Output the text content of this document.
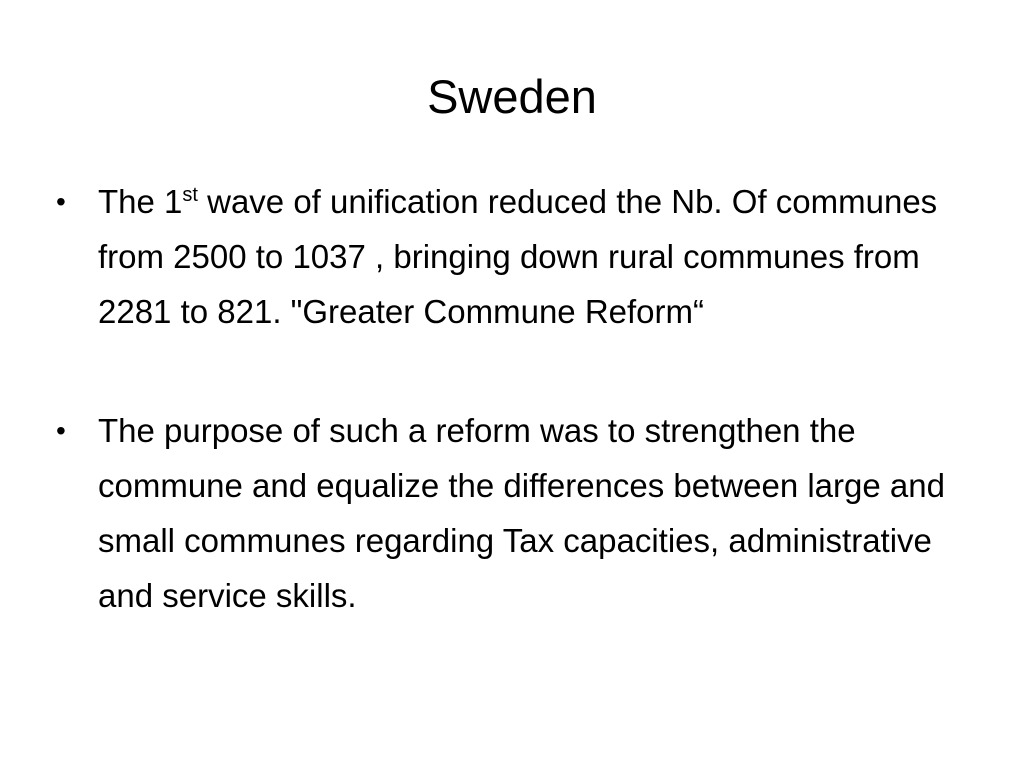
Sweden
• The 1st wave of unification reduced the Nb. Of communes from 2500 to 1037 , bringing down rural communes from 2281 to 821. "Greater Commune Reform“
• The purpose of such a reform was to strengthen the commune and equalize the differences between large and small communes regarding Tax capacities, administrative and service skills.
